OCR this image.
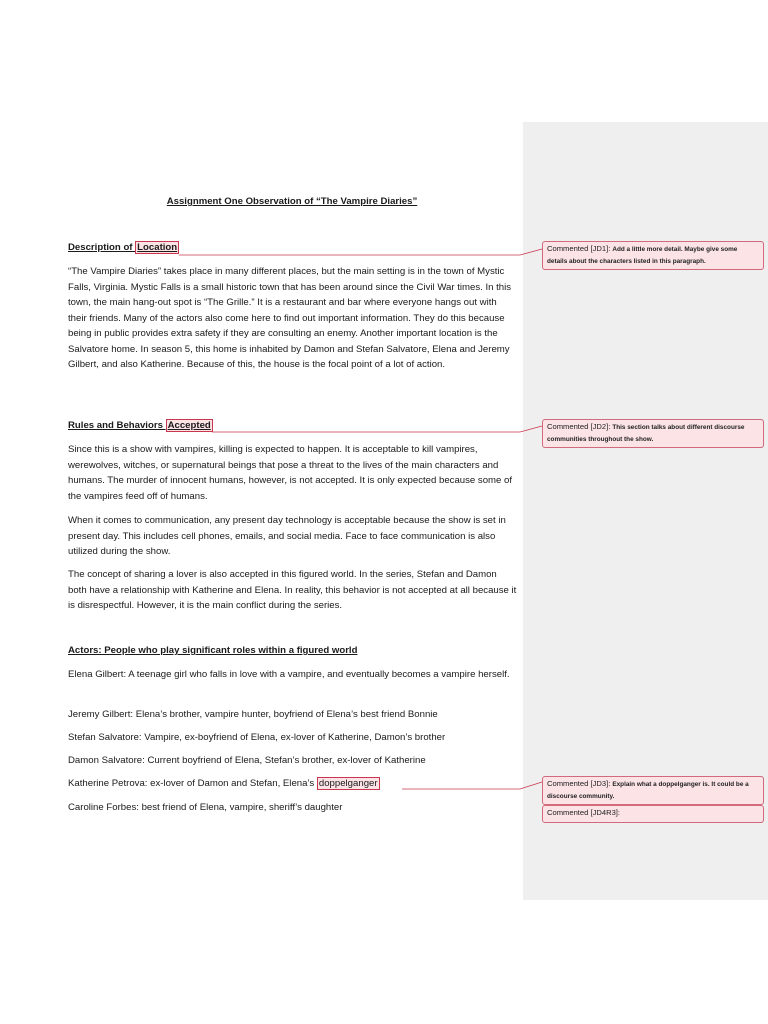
Assignment One Observation of “The Vampire Diaries”
Description of Location
“The Vampire Diaries” takes place in many different places, but the main setting is in the town of Mystic Falls, Virginia. Mystic Falls is a small historic town that has been around since the Civil War times. In this town, the main hang-out spot is “The Grille.” It is a restaurant and bar where everyone hangs out with their friends. Many of the actors also come here to find out important information. They do this because being in public provides extra safety if they are consulting an enemy. Another important location is the Salvatore home. In season 5, this home is inhabited by Damon and Stefan Salvatore, Elena and Jeremy Gilbert, and also Katherine. Because of this, the house is the focal point of a lot of action.
Rules and Behaviors Accepted
Since this is a show with vampires, killing is expected to happen. It is acceptable to kill vampires, werewolves, witches, or supernatural beings that pose a threat to the lives of the main characters and humans. The murder of innocent humans, however, is not accepted. It is only expected because some of the vampires feed off of humans.
When it comes to communication, any present day technology is acceptable because the show is set in present day. This includes cell phones, emails, and social media. Face to face communication is also utilized during the show.
The concept of sharing a lover is also accepted in this figured world. In the series, Stefan and Damon both have a relationship with Katherine and Elena. In reality, this behavior is not accepted at all because it is disrespectful. However, it is the main conflict during the series.
Actors: People who play significant roles within a figured world
Elena Gilbert: A teenage girl who falls in love with a vampire, and eventually becomes a vampire herself.
Jeremy Gilbert: Elena’s brother, vampire hunter, boyfriend of Elena’s best friend Bonnie
Stefan Salvatore: Vampire, ex-boyfriend of Elena, ex-lover of Katherine, Damon’s brother
Damon Salvatore: Current boyfriend of Elena, Stefan’s brother, ex-lover of Katherine
Katherine Petrova: ex-lover of Damon and Stefan, Elena’s doppelganger
Caroline Forbes: best friend of Elena, vampire, sheriff’s daughter
Commented [JD1]: Add a little more detail. Maybe give some details about the characters listed in this paragraph.
Commented [JD2]: This section talks about different discourse communities throughout the show.
Commented [JD3]: Explain what a doppelganger is. It could be a discourse community.
Commented [JD4R3]:
